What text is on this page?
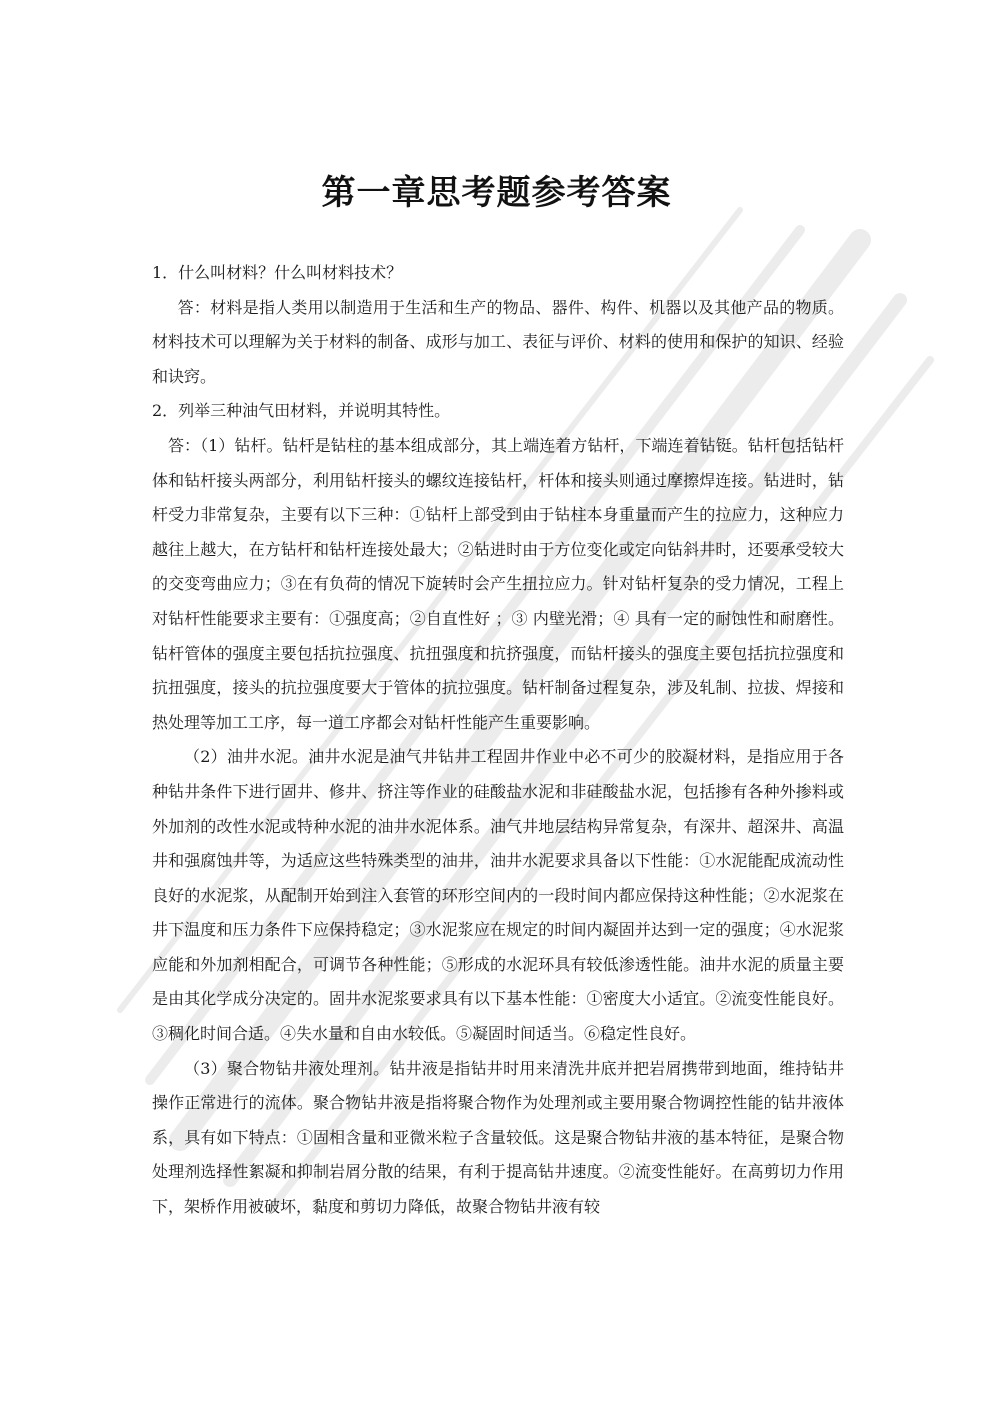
第一章思考题参考答案

1．什么叫材料？什么叫材料技术？

答：材料是指人类用以制造用于生活和生产的物品、器件、构件、机器以及其他产品的物质。材料技术可以理解为关于材料的制备、成形与加工、表征与评价、材料的使用和保护的知识、经验和诀窍。

2．列举三种油气田材料，并说明其特性。

答：（1）钻杆。钻杆是钻柱的基本组成部分，其上端连着方钻杆，下端连着钻铤。钻杆包括钻杆体和钻杆接头两部分，利用钻杆接头的螺纹连接钻杆，杆体和接头则通过摩擦焊连接。钻进时，钻杆受力非常复杂，主要有以下三种：①钻杆上部受到由于钻柱本身重量而产生的拉应力，这种应力越往上越大，在方钻杆和钻杆连接处最大；②钻进时由于方位变化或定向钻斜井时，还要承受较大的交变弯曲应力；③在有负荷的情况下旋转时会产生扭拉应力。针对钻杆复杂的受力情况，工程上对钻杆性能要求主要有：①强度高；②自直性好 ；③ 内壁光滑；④ 具有一定的耐蚀性和耐磨性。钻杆管体的强度主要包括抗拉强度、抗扭强度和抗挤强度，而钻杆接头的强度主要包括抗拉强度和抗扭强度，接头的抗拉强度要大于管体的抗拉强度。钻杆制备过程复杂，涉及轧制、拉拔、焊接和热处理等加工工序，每一道工序都会对钻杆性能产生重要影响。

（2）油井水泥。油井水泥是油气井钻井工程固井作业中必不可少的胶凝材料，是指应用于各种钻井条件下进行固井、修井、挤注等作业的硅酸盐水泥和非硅酸盐水泥，包括掺有各种外掺料或外加剂的改性水泥或特种水泥的油井水泥体系。油气井地层结构异常复杂，有深井、超深井、高温井和强腐蚀井等，为适应这些特殊类型的油井，油井水泥要求具备以下性能：①水泥能配成流动性良好的水泥浆，从配制开始到注入套管的环形空间内的一段时间内都应保持这种性能；②水泥浆在井下温度和压力条件下应保持稳定；③水泥浆应在规定的时间内凝固并达到一定的强度；④水泥浆应能和外加剂相配合，可调节各种性能；⑤形成的水泥环具有较低渗透性能。油井水泥的质量主要是由其化学成分决定的。固井水泥浆要求具有以下基本性能：①密度大小适宜。②流变性能良好。③稠化时间合适。④失水量和自由水较低。⑤凝固时间适当。⑥稳定性良好。

（3）聚合物钻井液处理剂。钻井液是指钻井时用来清洗井底并把岩屑携带到地面，维持钻井操作正常进行的流体。聚合物钻井液是指将聚合物作为处理剂或主要用聚合物调控性能的钻井液体系，具有如下特点：①固相含量和亚微米粒子含量较低。这是聚合物钻井液的基本特征，是聚合物处理剂选择性絮凝和抑制岩屑分散的结果，有利于提高钻井速度。②流变性能好。在高剪切力作用下，架桥作用被破坏，黏度和剪切力降低，故聚合物钻井液有较
